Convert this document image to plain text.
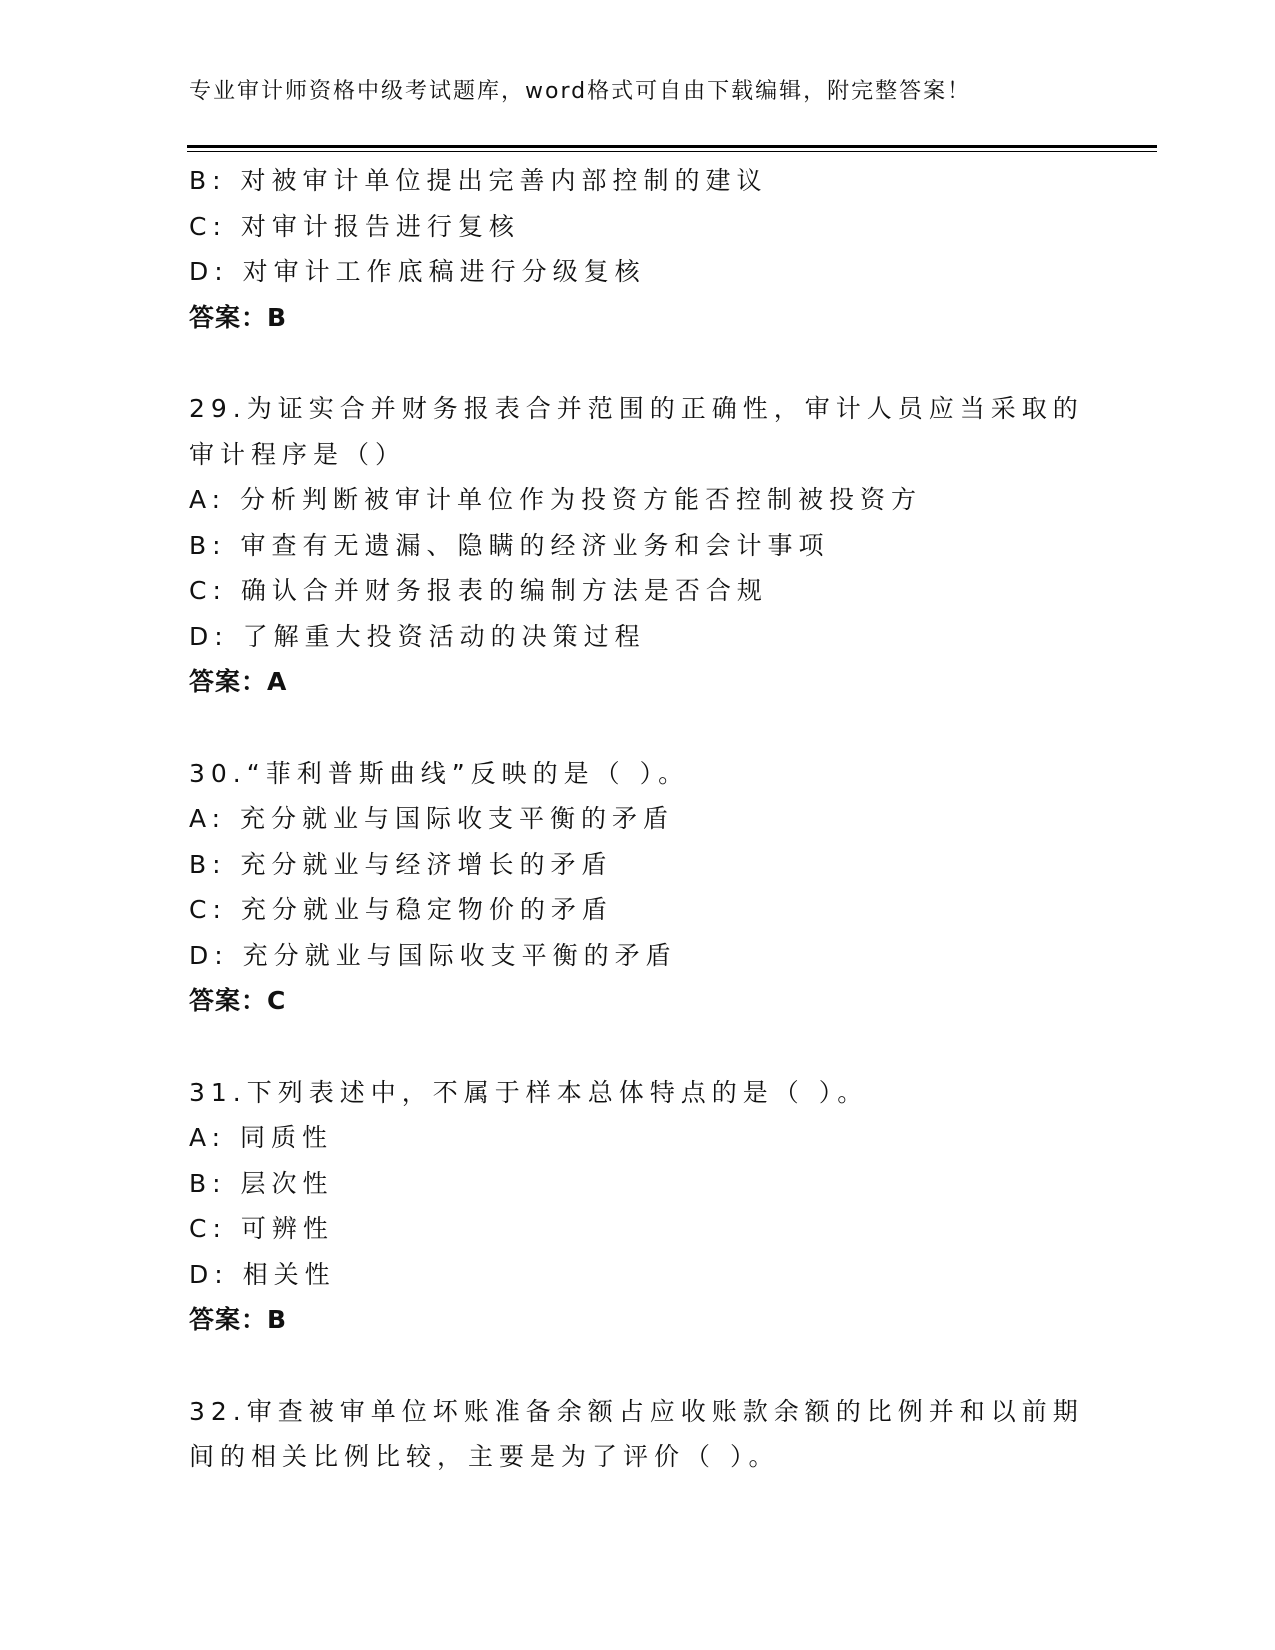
专业审计师资格中级考试题库，word格式可自由下载编辑，附完整答案！
B: 对被审计单位提出完善内部控制的建议
C: 对审计报告进行复核
D: 对审计工作底稿进行分级复核
答案：B
29.为证实合并财务报表合并范围的正确性，审计人员应当采取的审计程序是（）
A: 分析判断被审计单位作为投资方能否控制被投资方
B: 审查有无遗漏、隐瞒的经济业务和会计事项
C: 确认合并财务报表的编制方法是否合规
D: 了解重大投资活动的决策过程
答案：A
30.“菲利普斯曲线”反映的是（ ）。
A: 充分就业与国际收支平衡的矛盾
B: 充分就业与经济增长的矛盾
C: 充分就业与稳定物价的矛盾
D: 充分就业与国际收支平衡的矛盾
答案：C
31.下列表述中，不属于样本总体特点的是（ ）。
A: 同质性
B: 层次性
C: 可辨性
D: 相关性
答案：B
32.审查被审单位坏账准备余额占应收账款余额的比例并和以前期间的相关比例比较，主要是为了评价（ ）。
